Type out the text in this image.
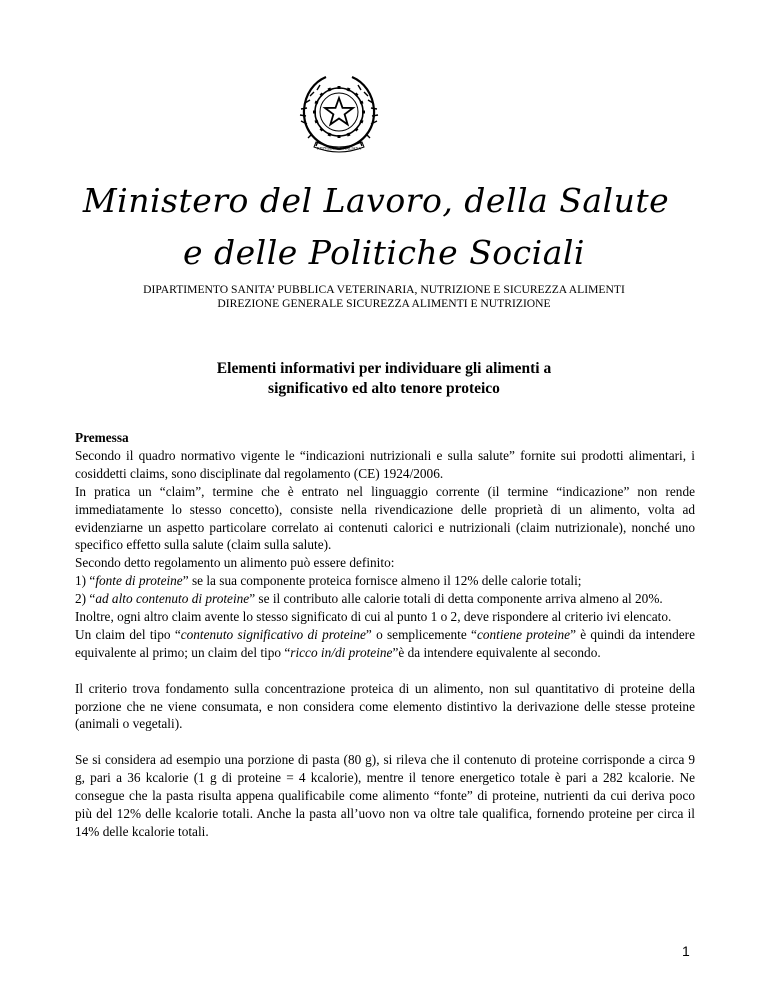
REPVBBLICA ITALIANA
Ministero del Lavoro, della Salute
e delle Politiche Sociali
DIPARTIMENTO SANITA’ PUBBLICA VETERINARIA, NUTRIZIONE E SICUREZZA ALIMENTI
DIREZIONE GENERALE SICUREZZA ALIMENTI E NUTRIZIONE
Elementi informativi per individuare gli alimenti a
significativo ed alto tenore proteico

Premessa

Secondo il quadro normativo vigente le “indicazioni nutrizionali e sulla salute” fornite sui prodotti alimentari, i cosiddetti claims, sono disciplinate dal regolamento (CE) 1924/2006.

In pratica un “claim”, termine che è entrato nel linguaggio corrente (il termine “indicazione” non rende immediatamente lo stesso concetto), consiste nella rivendicazione delle proprietà di un alimento, volta ad evidenziarne un aspetto particolare correlato ai contenuti calorici e nutrizionali (claim nutrizionale), nonché uno specifico effetto sulla salute (claim sulla salute).

Secondo detto regolamento un alimento può essere definito:

1) “fonte di proteine” se la sua componente proteica fornisce almeno il 12% delle calorie totali;

2) “ad alto contenuto di proteine” se il contributo alle calorie totali di detta componente arriva almeno al 20%.

Inoltre, ogni altro claim avente lo stesso significato di cui al punto 1 o 2, deve rispondere al criterio ivi elencato.

Un claim del tipo “contenuto significativo di proteine” o semplicemente “contiene proteine” è quindi da intendere equivalente al primo; un claim del tipo “ricco in/di proteine”è da intendere equivalente al secondo.

Il criterio trova fondamento sulla concentrazione proteica di un alimento, non sul quantitativo di proteine della porzione che ne viene consumata, e non considera come elemento distintivo la derivazione delle stesse proteine (animali o vegetali).

Se si considera ad esempio una porzione di pasta (80 g), si rileva che il contenuto di proteine corrisponde a circa 9 g, pari a 36 kcalorie (1 g di proteine = 4 kcalorie), mentre il tenore energetico totale è pari a 282 kcalorie. Ne consegue che la pasta risulta appena qualificabile come alimento “fonte” di proteine, nutrienti da cui deriva poco più del 12% delle kcalorie totali. Anche la pasta all’uovo non va oltre tale qualifica, fornendo proteine per circa il 14% delle kcalorie totali.

1
